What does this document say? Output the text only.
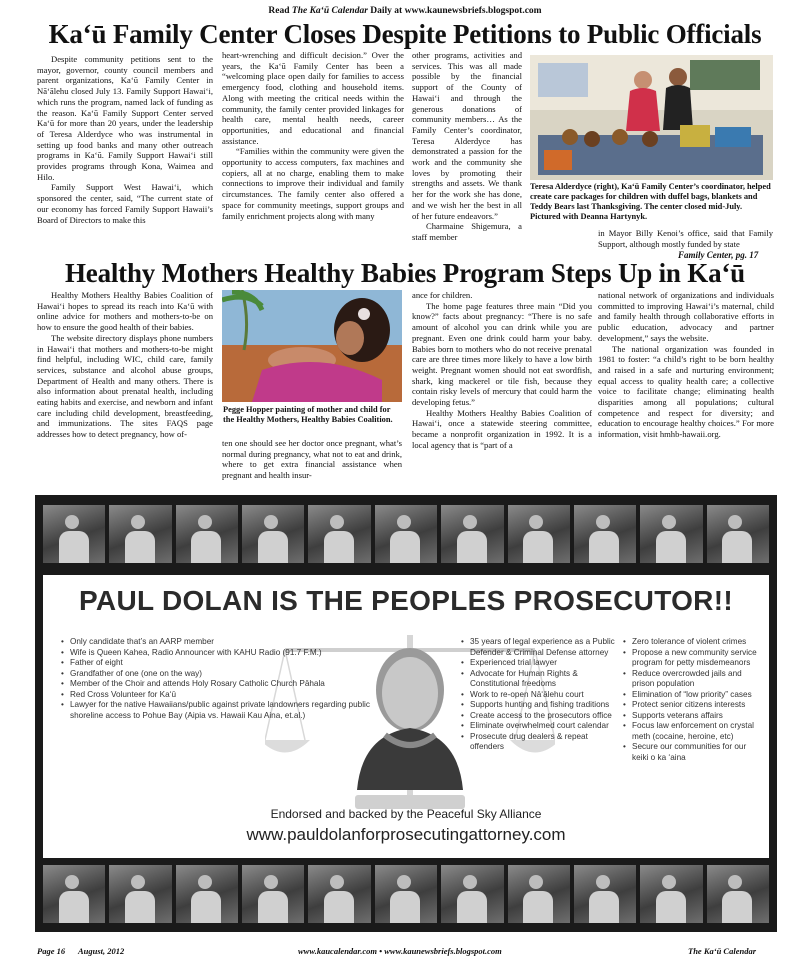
Read The Ka‘ū Calendar Daily at www.kaunewsbriefs.blogspot.com
Ka‘ū Family Center Closes Despite Petitions to Public Officials

Despite community petitions sent to the mayor, governor, county council members and parent organizations, Ka‘ū Family Center in Nā‘ālehu closed July 13. Family Support Hawai‘i, which runs the program, named lack of funding as the reason. Ka‘ū Family Support Center served Ka‘ū for more than 20 years, under the leadership of Teresa Alderdyce who was instrumental in setting up food banks and many other outreach programs in Ka‘ū. Family Support Hawai‘i still provides programs through Kona, Waimea and Hilo.

Family Support West Hawai‘i, which sponsored the center, said, “The current state of our economy has forced Family Support Hawaii’s Board of Directors to make this

heart-wrenching and difficult decision.” Over the years, the Ka‘ū Family Center has been a “welcoming place open daily for families to access emergency food, clothing and household items. Along with meeting the critical needs within the community, the family center provided linkages for health care, mental health needs, career opportunities, and educational and financial assistance.

“Families within the community were given the opportunity to access computers, fax machines and copiers, all at no charge, enabling them to make connections to improve their individual and family circumstances. The family center also offered a space for community meetings, support groups and family enrichment projects along with many

other programs, activities and services. This was all made possible by the financial support of the County of Hawai‘i and through the generous donations of community members… As the Family Center’s coordinator, Teresa Alderdyce has demonstrated a passion for the work and the community she loves by promoting their strengths and assets. We thank her for the work she has done, and we wish her the best in all of her future endeavors.”

Charmaine Shigemura, a staff member

Teresa Alderdyce (right), Ka‘ū Family Center’s coordinator, helped create care packages for children with duffel bags, blankets and Teddy Bears last Thanksgiving. The center closed mid-July. Pictured with Deanna Hartynyk.

in Mayor Billy Kenoi’s office, said that Family Support, although mostly funded by state

Family Center, pg. 17
Healthy Mothers Healthy Babies Program Steps Up in Ka‘ū

Healthy Mothers Healthy Babies Coalition of Hawai‘i hopes to spread its reach into Ka‘ū with online advice for mothers and mothers-to-be on how to ensure the good health of their babies.

The website directory displays phone numbers in Hawai‘i that mothers and mothers-to-be might find helpful, including WIC, child care, family services, substance and alcohol abuse groups, Department of Health and many others. There is also information about prenatal health, including eating habits and exercise, and newborn and infant care including child development, breastfeeding, and immunizations. The sites FAQS page addresses how to detect pregnancy, how of-

Pegge Hopper painting of mother and child for the Healthy Mothers, Healthy Babies Coalition.

ten one should see her doctor once pregnant, what’s normal during pregnancy, what not to eat and drink, where to get extra financial assistance when pregnant and health insur-

ance for children.

The home page features three main “Did you know?” facts about pregnancy: “There is no safe amount of alcohol you can drink while you are pregnant. Even one drink could harm your baby. Babies born to mothers who do not receive prenatal care are three times more likely to have a low birth weight. Pregnant women should not eat swordfish, shark, king mackerel or tile fish, because they contain risky levels of mercury that could harm the developing fetus.”

Healthy Mothers Healthy Babies Coalition of Hawai‘i, once a statewide steering committee, became a nonprofit organization in 1992. It is a local agency that is “part of a

national network of organizations and individuals committed to improving Hawai‘i’s maternal, child and family health through collaborative efforts in public education, advocacy and partner development,” says the website.

The national organization was founded in 1981 to foster: “a child’s right to be born healthy and raised in a safe and nurturing environment; equal access to quality health care; a collective voice to facilitate change; eliminating health disparities among all populations; cultural competence and respect for diversity; and education to encourage healthy choices.” For more information, visit hmhb-hawaii.org.

PAUL DOLAN IS THE PEOPLES PROSECUTOR!!
• Only candidate that’s an AARP member
• Wife is Queen Kahea, Radio Announcer with KAHU Radio (91.7 F.M.)
• Father of eight
• Grandfather of one (one on the way)
• Member of the Choir and attends Holy Rosary Catholic Church Pāhala
• Red Cross Volunteer for Ka‘ū
• Lawyer for the native Hawaiians/public against private landowners regarding public shoreline access to Pohue Bay (Aipia vs. Hawaii Kau Aina, et.al.)
• 35 years of legal experience as a Public Defender & Criminal Defense attorney
• Experienced trial lawyer
• Advocate for Human Rights & Constitutional freedoms
• Work to re-open Nā‘ālehu court
• Supports hunting and fishing traditions
• Create access to the prosecutors office
• Eliminate overwhelmed court calendar
• Prosecute drug dealers & repeat offenders
• Zero tolerance of violent crimes
• Propose a new community service program for petty misdemeanors
• Reduce overcrowded jails and prison population
• Elimination of “low priority” cases
• Protect senior citizens interests
• Supports veterans affairs
• Focus law enforcement on crystal meth (cocaine, heroine, etc)
• Secure our communities for our keiki o ka ‘aina
Endorsed and backed by the Peaceful Sky Alliance
www.pauldolanforprosecutingattorney.com
Page 16 August, 2012	www.kaucalendar.com • www.kaunewsbriefs.blogspot.com	The Ka‘ū Calendar
